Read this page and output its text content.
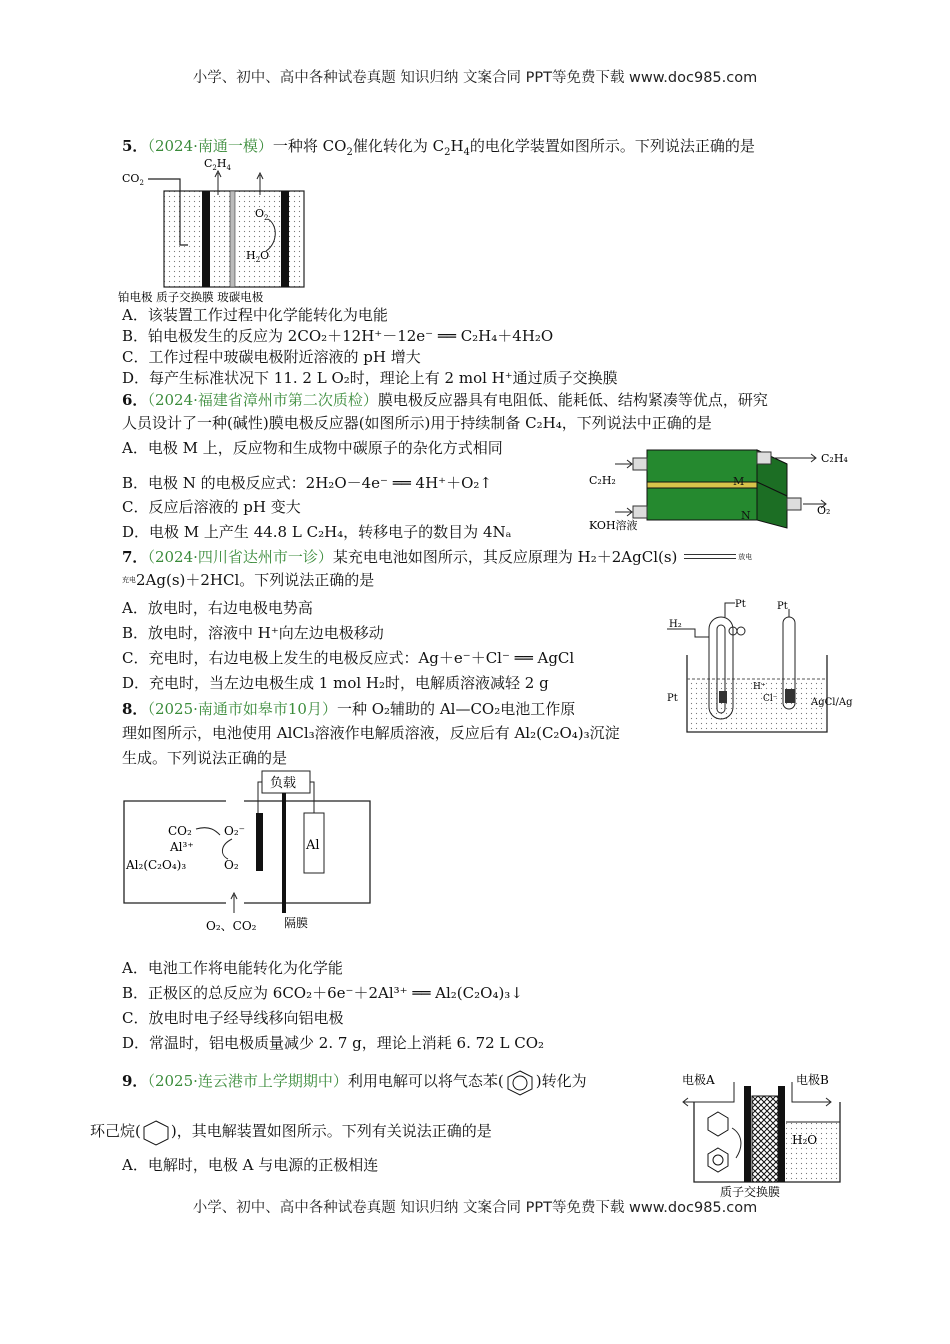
小学、初中、高中各种试卷真题 知识归纳 文案合同 PPT等免费下载 www.doc985.com
5．（2024·南通一模）一种将 $CO_2$催化转化为 $C_2H_4$的电化学装置如图所示。下列说法正确的是
$CO_2$
$C_2H_4$
$O_2$
$H_2O$
铂电极 质子交换膜 玻碳电极
A．该装置工作过程中化学能转化为电能
B．铂电极发生的反应为 2CO₂＋12H⁺－12e⁻ ══ C₂H₄＋4H₂O
C．工作过程中玻碳电极附近溶液的 pH 增大
D．每产生标准状况下 11. 2 L O₂时，理论上有 2 mol H⁺通过质子交换膜
6．（2024·福建省漳州市第二次质检）膜电极反应器具有电阻低、能耗低、结构紧凑等优点，研究
人员设计了一种(碱性)膜电极反应器(如图所示)用于持续制备 C₂H₄，下列说法中正确的是
A．电极 M 上，反应物和生成物中碳原子的杂化方式相同
B．电极 N 的电极反应式：2H₂O－4e⁻ ══ 4H⁺＋O₂↑
C．反应后溶液的 pH 变大
D．电极 M 上产生 44.8 L C₂H₄，转移电子的数目为 4Nₐ
C₂H₂
C₂H₄
KOH溶液
O₂
M
N
7．（2024·四川省达州市一诊）某充电电池如图所示，其反应原理为 H₂＋2AgCl(s)	放电
$^{充电}$2Ag(s)＋2HCl。下列说法正确的是
A．放电时，右边电极电势高
B．放电时，溶液中 H⁺向左边电极移动
C．充电时，右边电极上发生的电极反应式：Ag＋e⁻＋Cl⁻ ══ AgCl
D．充电时，当左边电极生成 1 mol H₂时，电解质溶液减轻 2 g
H₂
Pt	Pt
Pt	AgCl/Ag
H⁺
Cl⁻
8．（2025·南通市如皋市10月）一种 O₂辅助的 Al—CO₂电池工作原
理如图所示，电池使用 AlCl₃溶液作电解质溶液，反应后有 Al₂(C₂O₄)₃沉淀
生成。下列说法正确的是
负载
Al
CO₂
Al³⁺
Al₂(C₂O₄)₃
O₂⁻
O₂
隔膜
O₂、CO₂
A．电池工作将电能转化为化学能
B．正极区的总反应为 6CO₂＋6e⁻＋2Al³⁺ ══ Al₂(C₂O₄)₃↓
C．放电时电子经导线移向铝电极
D．常温时，铝电极质量减少 2. 7 g，理论上消耗 6. 72 L CO₂
9．（2025·连云港市上学期期中）利用电解可以将气态苯( )转化为
环己烷( )，其电解装置如图所示。下列有关说法正确的是
A．电解时，电极 A 与电源的正极相连
电极A	电极B
H₂O
质子交换膜
小学、初中、高中各种试卷真题 知识归纳 文案合同 PPT等免费下载 www.doc985.com
